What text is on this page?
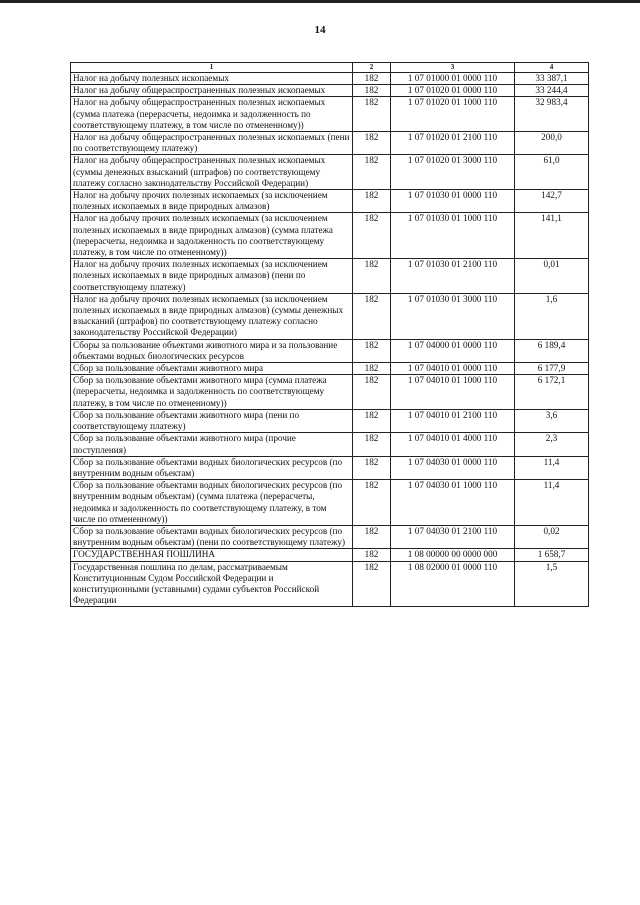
14
1	2	3	4
Налог на добычу полезных ископаемых	182	1 07 01000 01 0000 110	33 387,1
Налог на добычу общераспространенных полезных ископаемых	182	1 07 01020 01 0000 110	33 244,4
Налог на добычу общераспространенных полезных ископаемых (сумма платежа (перерасчеты, недоимка и задолженность по соответствующему платежу, в том числе по отмененному))	182	1 07 01020 01 1000 110	32 983,4
Налог на добычу общераспространенных полезных ископаемых (пени по соответствующему платежу)	182	1 07 01020 01 2100 110	200,0
Налог на добычу общераспространенных полезных ископаемых (суммы денежных взысканий (штрафов) по соответствующему платежу согласно законодательству Российской Федерации)	182	1 07 01020 01 3000 110	61,0
Налог на добычу прочих полезных ископаемых (за исключением полезных ископаемых в виде природных алмазов)	182	1 07 01030 01 0000 110	142,7
Налог на добычу прочих полезных ископаемых (за исключением полезных ископаемых в виде природных алмазов) (сумма платежа (перерасчеты, недоимка и задолженность по соответствующему платежу, в том числе по отмененному))	182	1 07 01030 01 1000 110	141,1
Налог на добычу прочих полезных ископаемых (за исключением полезных ископаемых в виде природных алмазов) (пени по соответствующему платежу)	182	1 07 01030 01 2100 110	0,01
Налог на добычу прочих полезных ископаемых (за исключением полезных ископаемых в виде природных алмазов) (суммы денежных взысканий (штрафов) по соответствующему платежу согласно законодательству Российской Федерации)	182	1 07 01030 01 3000 110	1,6
Сборы за пользование объектами животного мира и за пользование объектами водных биологических ресурсов	182	1 07 04000 01 0000 110	6 189,4
Сбор за пользование объектами животного мира	182	1 07 04010 01 0000 110	6 177,9
Сбор за пользование объектами животного мира (сумма платежа (перерасчеты, недоимка и задолженность по соответствующему платежу, в том числе по отмененному))	182	1 07 04010 01 1000 110	6 172,1
Сбор за пользование объектами животного мира (пени по соответствующему платежу)	182	1 07 04010 01 2100 110	3,6
Сбор за пользование объектами животного мира (прочие поступления)	182	1 07 04010 01 4000 110	2,3
Сбор за пользование объектами водных биологических ресурсов (по внутренним водным объектам)	182	1 07 04030 01 0000 110	11,4
Сбор за пользование объектами водных биологических ресурсов (по внутренним водным объектам) (сумма платежа (перерасчеты, недоимка и задолженность по соответствующему платежу, в том числе по отмененному))	182	1 07 04030 01 1000 110	11,4
Сбор за пользование объектами водных биологических ресурсов (по внутренним водным объектам) (пени по соответствующему платежу)	182	1 07 04030 01 2100 110	0,02
ГОСУДАРСТВЕННАЯ ПОШЛИНА	182	1 08 00000 00 0000 000	1 658,7
Государственная пошлина по делам, рассматриваемым Конституционным Судом Российской Федерации и конституционными (уставными) судами субъектов Российской Федерации	182	1 08 02000 01 0000 110	1,5
